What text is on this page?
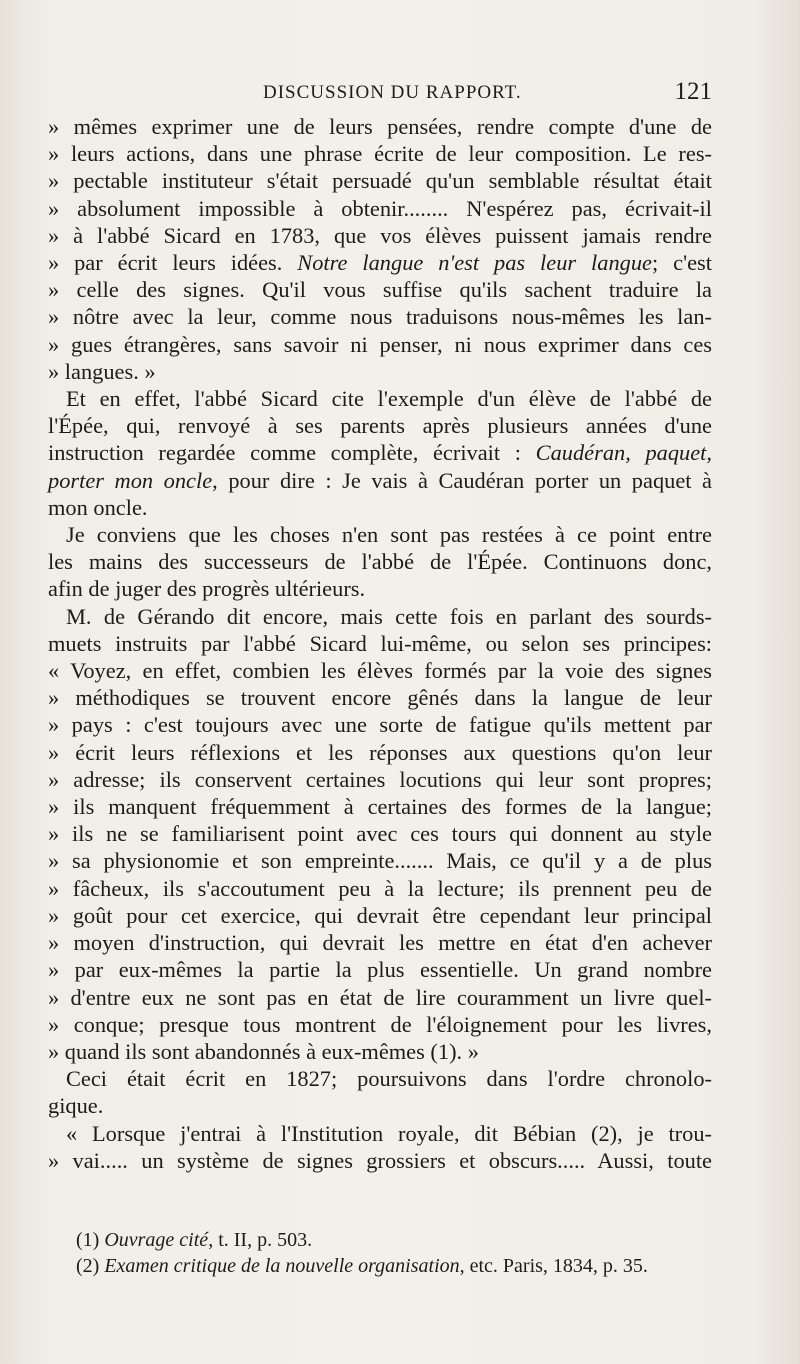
DISCUSSION DU RAPPORT.	121
» mêmes exprimer une de leurs pensées, rendre compte d'une de
» leurs actions, dans une phrase écrite de leur composition. Le res-
» pectable instituteur s'était persuadé qu'un semblable résultat était
» absolument impossible à obtenir........ N'espérez pas, écrivait-il
» à l'abbé Sicard en 1783, que vos élèves puissent jamais rendre
» par écrit leurs idées. Notre langue n'est pas leur langue; c'est
» celle des signes. Qu'il vous suffise qu'ils sachent traduire la
» nôtre avec la leur, comme nous traduisons nous-mêmes les lan-
» gues étrangères, sans savoir ni penser, ni nous exprimer dans ces
» langues. »
Et en effet, l'abbé Sicard cite l'exemple d'un élève de l'abbé de
l'Épée, qui, renvoyé à ses parents après plusieurs années d'une
instruction regardée comme complète, écrivait : Caudéran, paquet,
porter mon oncle, pour dire : Je vais à Caudéran porter un paquet à
mon oncle.
Je conviens que les choses n'en sont pas restées à ce point entre
les mains des successeurs de l'abbé de l'Épée. Continuons donc,
afin de juger des progrès ultérieurs.
M. de Gérando dit encore, mais cette fois en parlant des sourds-
muets instruits par l'abbé Sicard lui-même, ou selon ses principes:
« Voyez, en effet, combien les élèves formés par la voie des signes
» méthodiques se trouvent encore gênés dans la langue de leur
» pays : c'est toujours avec une sorte de fatigue qu'ils mettent par
» écrit leurs réflexions et les réponses aux questions qu'on leur
» adresse; ils conservent certaines locutions qui leur sont propres;
» ils manquent fréquemment à certaines des formes de la langue;
» ils ne se familiarisent point avec ces tours qui donnent au style
» sa physionomie et son empreinte....... Mais, ce qu'il y a de plus
» fâcheux, ils s'accoutument peu à la lecture; ils prennent peu de
» goût pour cet exercice, qui devrait être cependant leur principal
» moyen d'instruction, qui devrait les mettre en état d'en achever
» par eux-mêmes la partie la plus essentielle. Un grand nombre
» d'entre eux ne sont pas en état de lire couramment un livre quel-
» conque; presque tous montrent de l'éloignement pour les livres,
» quand ils sont abandonnés à eux-mêmes (1). »
Ceci était écrit en 1827; poursuivons dans l'ordre chronolo-
gique.
« Lorsque j'entrai à l'Institution royale, dit Bébian (2), je trou-
» vai..... un système de signes grossiers et obscurs..... Aussi, toute
(1) Ouvrage cité, t. II, p. 503.
(2) Examen critique de la nouvelle organisation, etc. Paris, 1834, p. 35.
